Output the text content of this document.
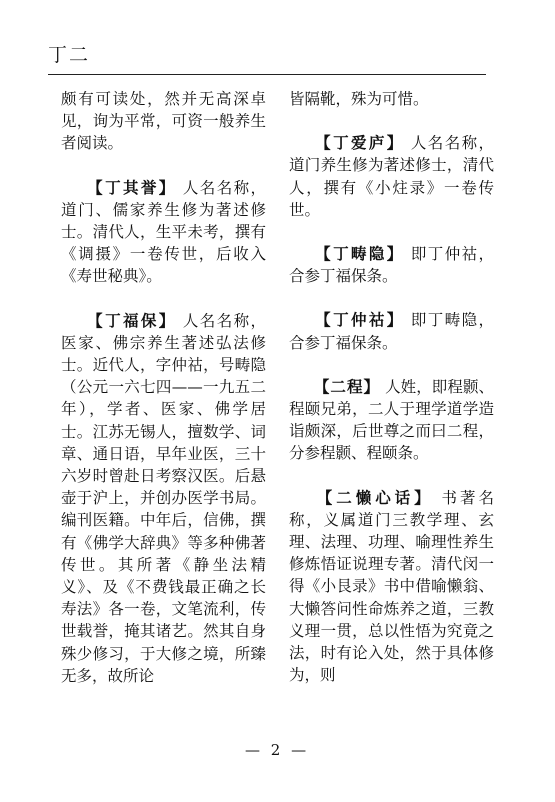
丁二

颇有可读处，然并无高深卓见，询为平常，可资一般养生者阅读。

【丁其誉】 人名名称，道门、儒家养生修为著述修士。清代人，生平未考，撰有《调摄》一卷传世，后收入《寿世秘典》。

【丁福保】 人名名称，医家、佛宗养生著述弘法修士。近代人，字仲祜，号畴隐（公元一六七四——一九五二年），学者、医家、佛学居士。江苏无锡人，擅数学、词章、通日语，早年业医，三十六岁时曾赴日考察汉医。后悬壶于沪上，并创办医学书局。编刊医籍。中年后，信佛，撰有《佛学大辞典》等多种佛著传世。其所著《静坐法精义》、及《不费钱最正确之长寿法》各一卷，文笔流利，传世载誉，掩其诸艺。然其自身殊少修习，于大修之境，所臻无多，故所论

皆隔靴，殊为可惜。

【丁爱庐】 人名名称，道门养生修为著述修士，清代人，撰有《小炷录》一卷传世。

【丁畴隐】 即丁仲祜，合参丁福保条。

【丁仲祜】 即丁畴隐，合参丁福保条。

【二程】 人姓，即程颢、程颐兄弟，二人于理学道学造诣颇深，后世尊之而曰二程，分参程颢、程颐条。

【二懒心话】 书著名称，义属道门三教学理、玄理、法理、功理、喻理性养生修炼悟证说理专著。清代闵一得《小艮录》书中借喻懒翁、大懒答问性命炼养之道，三教义理一贯，总以性悟为究竟之法，时有论入处，然于具体修为，则

— 2 —
